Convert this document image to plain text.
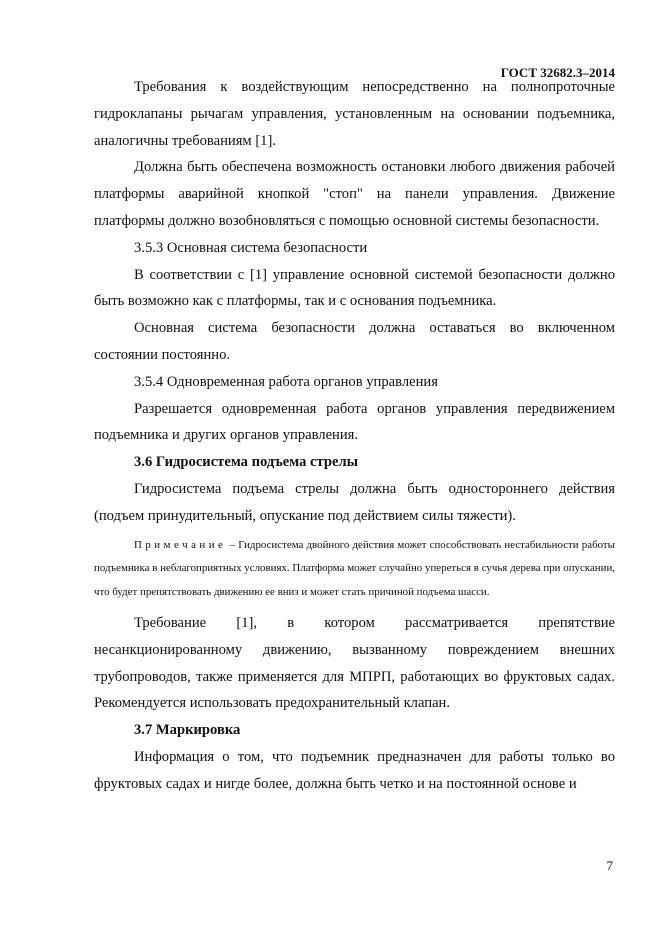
ГОСТ 32682.3–2014

Требования к воздействующим непосредственно на полнопроточные гидроклапаны рычагам управления, установленным на основании подъемника, аналогичны требованиям [1].

Должна быть обеспечена возможность остановки любого движения рабочей платформы аварийной кнопкой "стоп" на панели управления. Движение платформы должно возобновляться с помощью основной системы безопасности.

3.5.3 Основная система безопасности

В соответствии с [1] управление основной системой безопасности должно быть возможно как с платформы, так и с основания подъемника.

Основная система безопасности должна оставаться во включенном состоянии постоянно.

3.5.4 Одновременная работа органов управления

Разрешается одновременная работа органов управления передвижением подъемника и других органов управления.

3.6 Гидросистема подъема стрелы

Гидросистема подъема стрелы должна быть одностороннего действия (подъем принудительный, опускание под действием силы тяжести).

Примечание – Гидросистема двойного действия может способствовать нестабильности работы подъемника в неблагоприятных условиях. Платформа может случайно упереться в сучья дерева при опускании, что будет препятствовать движению ее вниз и может стать причиной подъема шасси.

Требование [1], в котором рассматривается препятствие несанкционированному движению, вызванному повреждением внешних трубопроводов, также применяется для МПРП, работающих во фруктовых садах. Рекомендуется использовать предохранительный клапан.

3.7 Маркировка

Информация о том, что подъемник предназначен для работы только во фруктовых садах и нигде более, должна быть четко и на постоянной основе и

7
